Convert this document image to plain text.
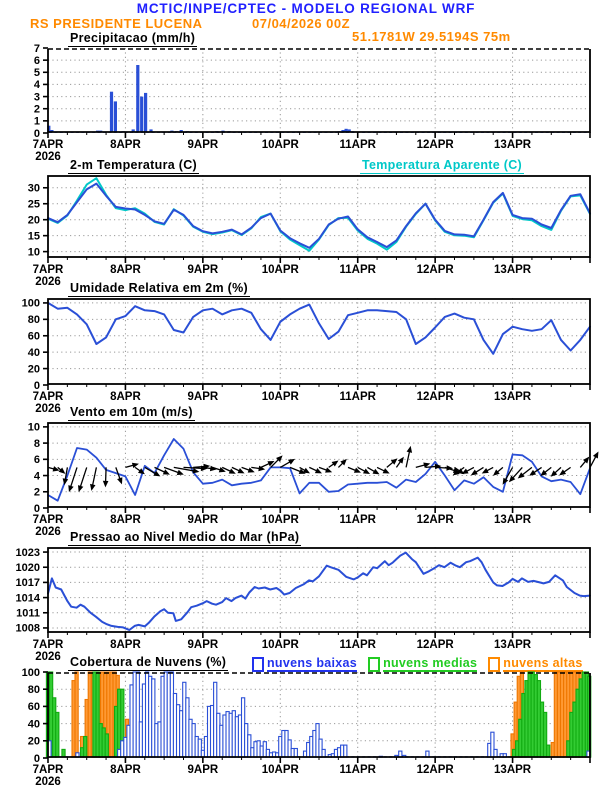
MCTIC/INPE/CPTEC - MODELO REGIONAL WRF
RS PRESIDENTE LUCENA	07/04/2026 00Z
51.1781W 29.5194S 75m
Precipitacao (mm/h)
0
1
2
3
4
5
6
7
7APR	8APR	9APR	10APR	11APR	12APR	13APR
2026
2-m Temperatura (C)	Temperatura Aparente (C)
10
15
20
25
30
7APR	8APR	9APR	10APR	11APR	12APR	13APR
2026 Umidade Relativa em 2m (%)
0
20
40
60
80
100
7APR	8APR	9APR	10APR	11APR	12APR	13APR
2026 Vento em 10m (m/s)
0
2
4
6
8
10
7APR	8APR	9APR	10APR	11APR	12APR	13APR
2026 Pressao ao Nivel Medio do Mar (hPa)
1008
1011
1014
1017
1020
1023
7APR	8APR	9APR	10APR	11APR	12APR	13APR
2026 Cobertura de Nuvens (%)	nuvens baixas nuvens medias nuvens altas
0
20
40
60
80
100
7APR	8APR	9APR	10APR	11APR	12APR	13APR
2026
